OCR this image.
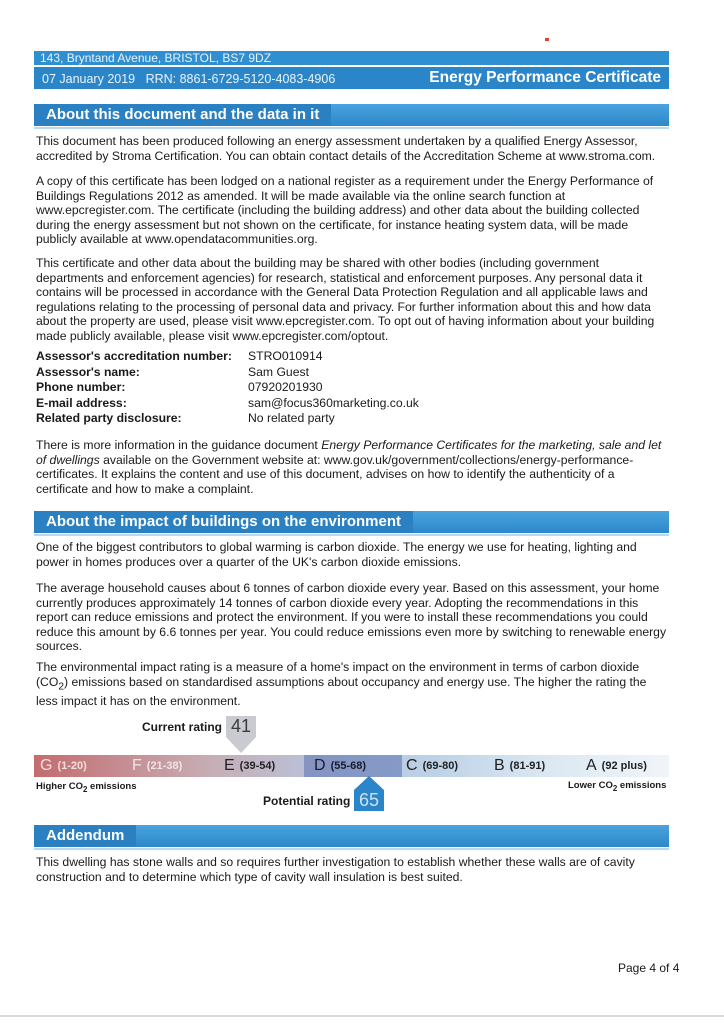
143, Bryntand Avenue, BRISTOL, BS7 9DZ
07 January 2019 RRN: 8861-6729-5120-4083-4906	Energy Performance Certificate
About this document and the data in it

This document has been produced following an energy assessment undertaken by a qualified Energy Assessor, accredited by Stroma Certification. You can obtain contact details of the Accreditation Scheme at www.stroma.com.

A copy of this certificate has been lodged on a national register as a requirement under the Energy Performance of Buildings Regulations 2012 as amended. It will be made available via the online search function at www.epcregister.com. The certificate (including the building address) and other data about the building collected during the energy assessment but not shown on the certificate, for instance heating system data, will be made publicly available at www.opendatacommunities.org.

This certificate and other data about the building may be shared with other bodies (including government departments and enforcement agencies) for research, statistical and enforcement purposes. Any personal data it contains will be processed in accordance with the General Data Protection Regulation and all applicable laws and regulations relating to the processing of personal data and privacy. For further information about this and how data about the property are used, please visit www.epcregister.com. To opt out of having information about your building made publicly available, please visit www.epcregister.com/optout.

Assessor's accreditation number:	STRO010914
Assessor's name:	Sam Guest
Phone number:	07920201930
E-mail address:	sam@focus360marketing.co.uk
Related party disclosure:	No related party

There is more information in the guidance document Energy Performance Certificates for the marketing, sale and let of dwellings available on the Government website at: www.gov.uk/government/collections/energy-performance-certificates. It explains the content and use of this document, advises on how to identify the authenticity of a certificate and how to make a complaint.

About the impact of buildings on the environment

One of the biggest contributors to global warming is carbon dioxide. The energy we use for heating, lighting and power in homes produces over a quarter of the UK's carbon dioxide emissions.

The average household causes about 6 tonnes of carbon dioxide every year. Based on this assessment, your home currently produces approximately 14 tonnes of carbon dioxide every year. Adopting the recommendations in this report can reduce emissions and protect the environment. If you were to install these recommendations you could reduce this amount by 6.6 tonnes per year. You could reduce emissions even more by switching to renewable energy sources.

The environmental impact rating is a measure of a home's impact on the environment in terms of carbon dioxide $(CO_2)$ emissions based on standardised assumptions about occupancy and energy use. The higher the rating the less impact it has on the environment.

Current rating 41
G (1-20)	F (21-38)	E (39-54) D (55-68) C (69-80) B (81-91)	A (92 plus)
Higher $CO_2$ emissions	Lower $CO_2$ emissions
Potential rating 65
Addendum

This dwelling has stone walls and so requires further investigation to establish whether these walls are of cavity construction and to determine which type of cavity wall insulation is best suited.

Page 4 of 4
